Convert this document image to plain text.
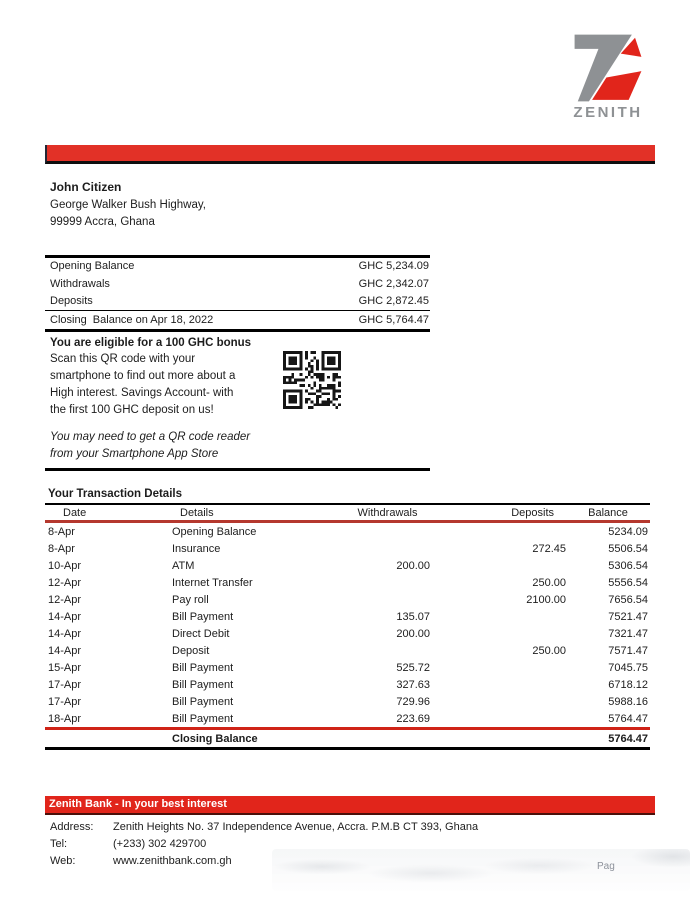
ZENITH
John Citizen
George Walker Bush Highway,
99999 Accra, Ghana
Opening Balance	GHC 5,234.09
Withdrawals	GHC 2,342.07
Deposits	GHC 2,872.45
Closing  Balance on Apr 18, 2022	GHC 5,764.47
You are eligible for a 100 GHC bonus
Scan this QR code with your
smartphone to find out more about a
High interest. Savings Account- with
the first 100 GHC deposit on us!
You may need to get a QR code reader
from your Smartphone App Store
Your Transaction Details
Date	Details	Withdrawals	Deposits	Balance
8-Apr	Opening Balance			5234.09
8-Apr	Insurance		272.45	5506.54
10-Apr	ATM	200.00		5306.54
12-Apr	Internet Transfer		250.00	5556.54
12-Apr	Pay roll		2100.00	7656.54
14-Apr	Bill Payment	135.07		7521.47
14-Apr	Direct Debit	200.00		7321.47
14-Apr	Deposit		250.00	7571.47
15-Apr	Bill Payment	525.72		7045.75
17-Apr	Bill Payment	327.63		6718.12
17-Apr	Bill Payment	729.96		5988.16
18-Apr	Bill Payment	223.69		5764.47
	Closing Balance			5764.47
Zenith Bank - In your best interest
Address:	Zenith Heights No. 37 Independence Avenue, Accra. P.M.B CT 393, Ghana
Tel:	(+233) 302 429700
Web:	www.zenithbank.com.gh	Pag
